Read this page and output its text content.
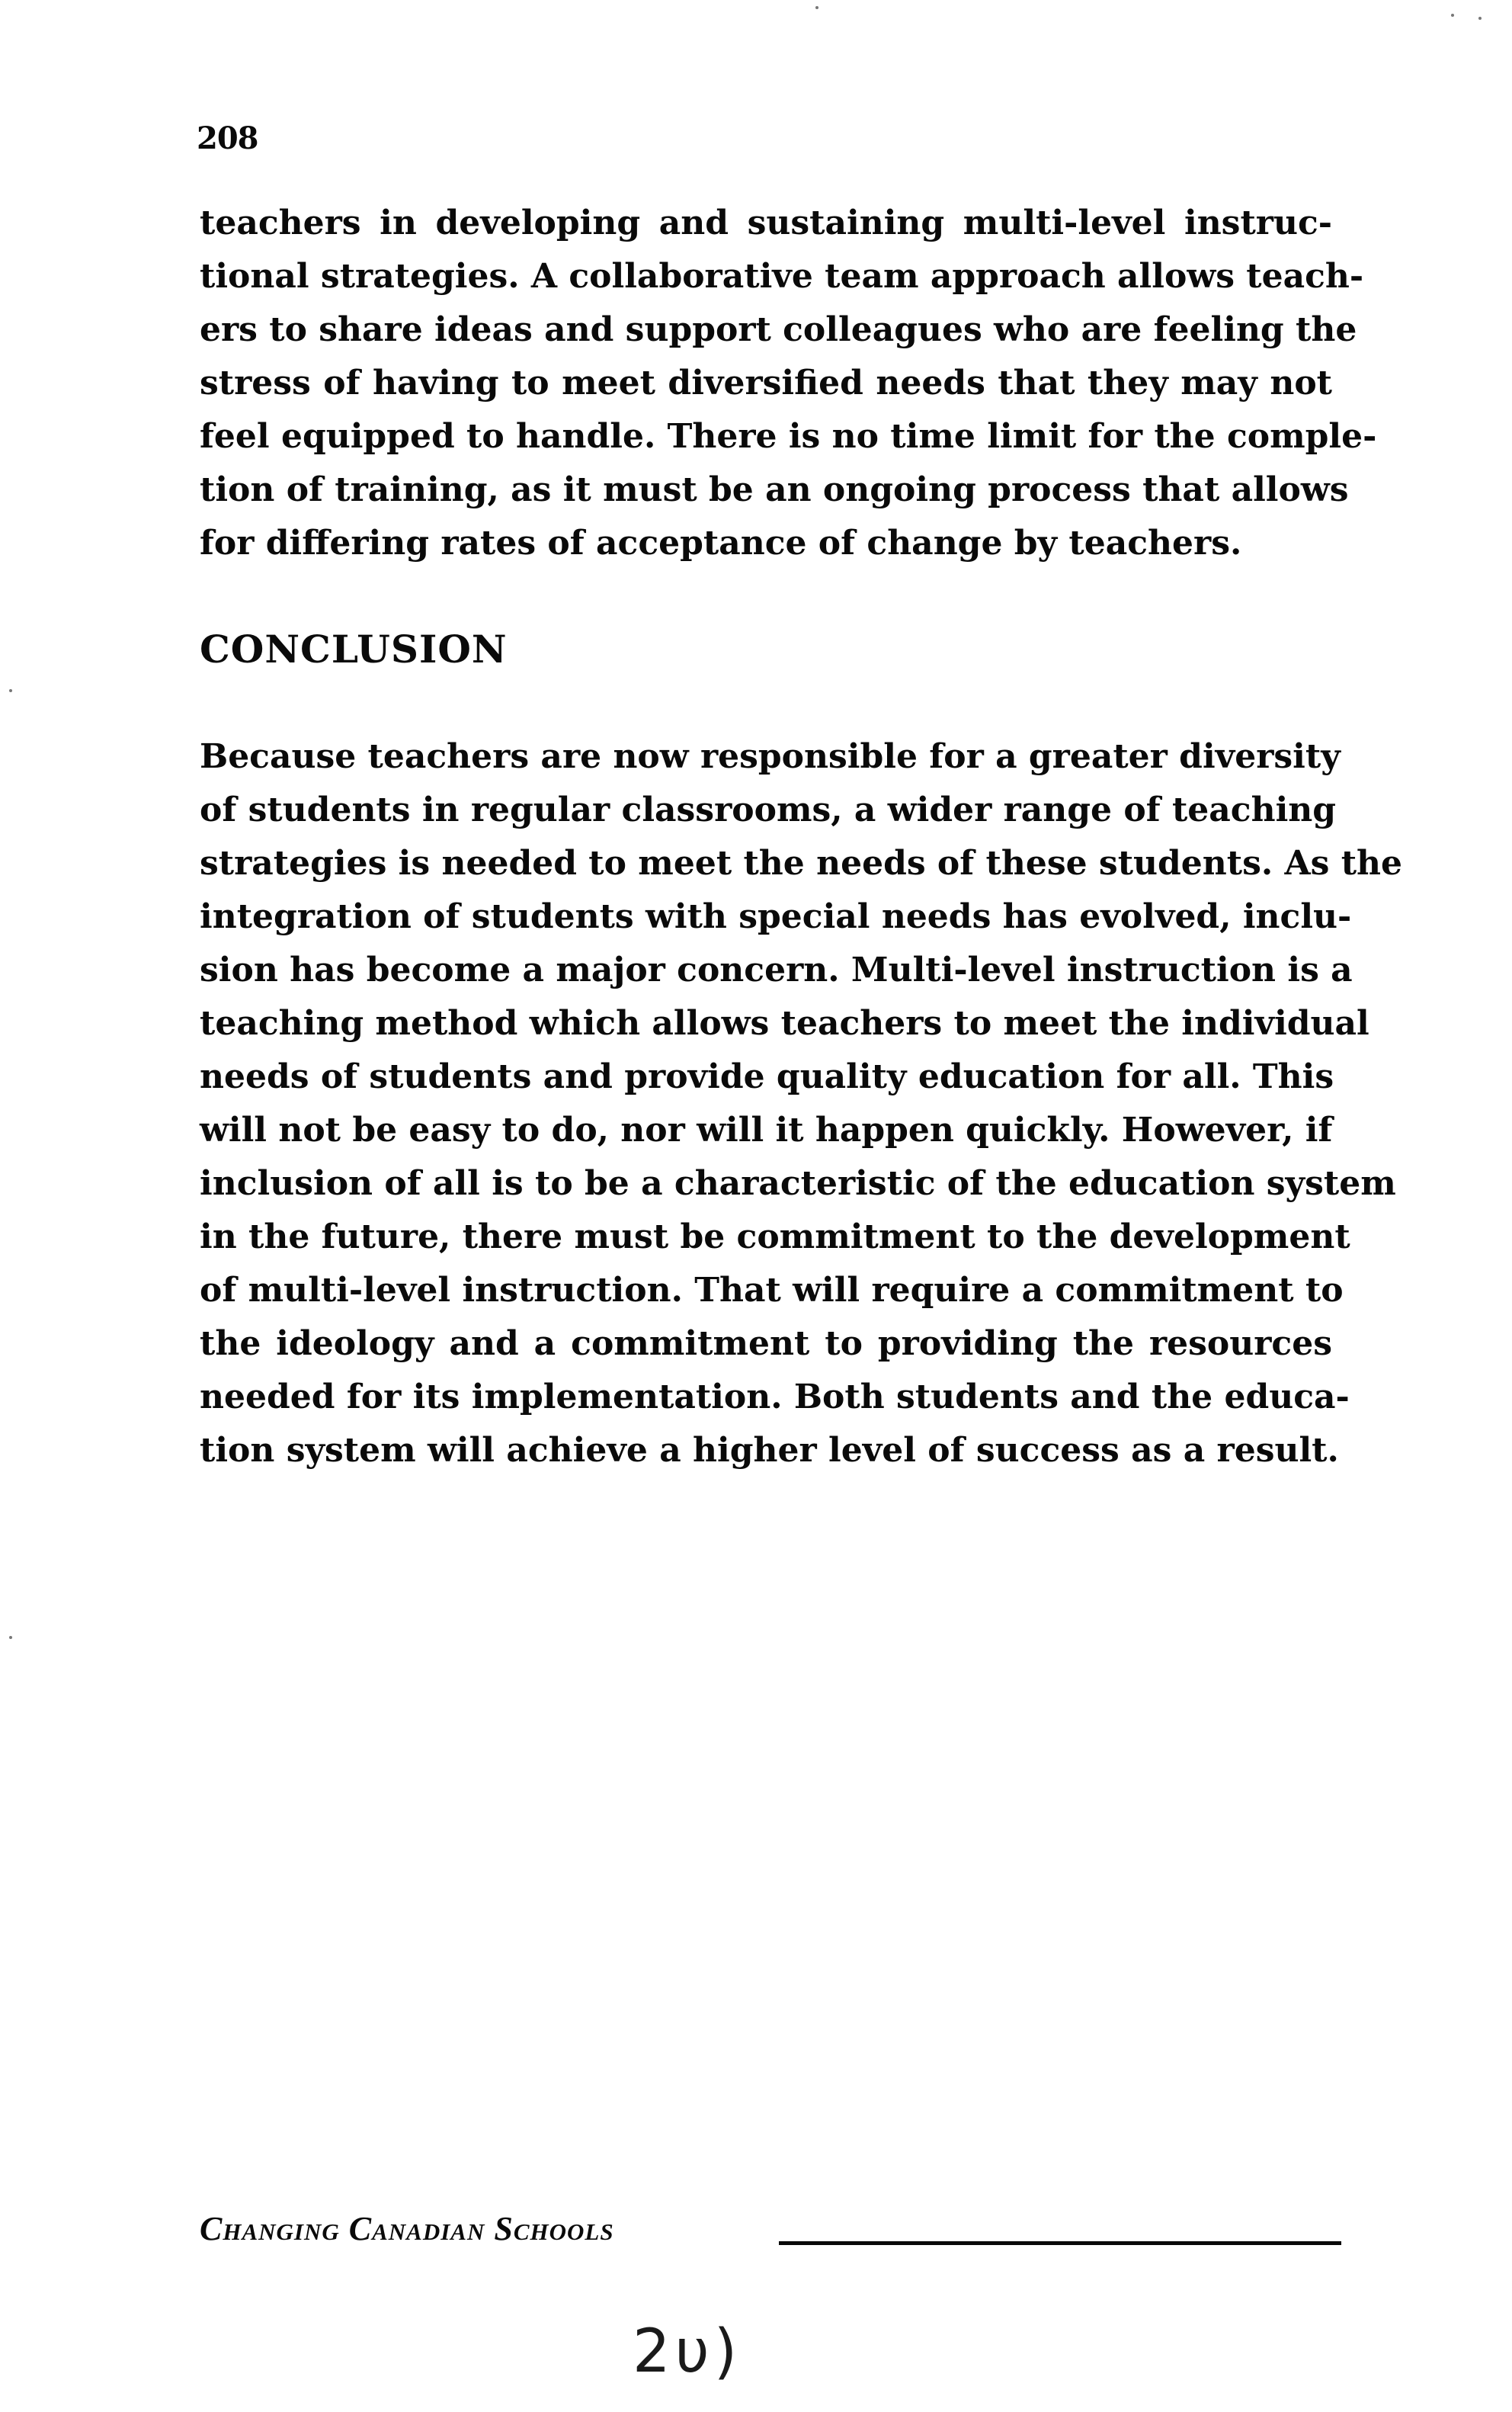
208
teachers in developing and sustaining multi-level instruc-
tional strategies. A collaborative team approach allows teach-
ers to share ideas and support colleagues who are feeling the
stress of having to meet diversified needs that they may not
feel equipped to handle. There is no time limit for the comple-
tion of training, as it must be an ongoing process that allows
for differing rates of acceptance of change by teachers.
CONCLUSION
Because teachers are now responsible for a greater diversity
of students in regular classrooms, a wider range of teaching
strategies is needed to meet the needs of these students. As the
integration of students with special needs has evolved, inclu-
sion has become a major concern. Multi-level instruction is a
teaching method which allows teachers to meet the individual
needs of students and provide quality education for all. This
will not be easy to do, nor will it happen quickly. However, if
inclusion of all is to be a characteristic of the education system
in the future, there must be commitment to the development
of multi-level instruction. That will require a commitment to
the ideology and a commitment to providing the resources
needed for its implementation. Both students and the educa-
tion system will achieve a higher level of success as a result.
Changing Canadian Schools
2υ)
